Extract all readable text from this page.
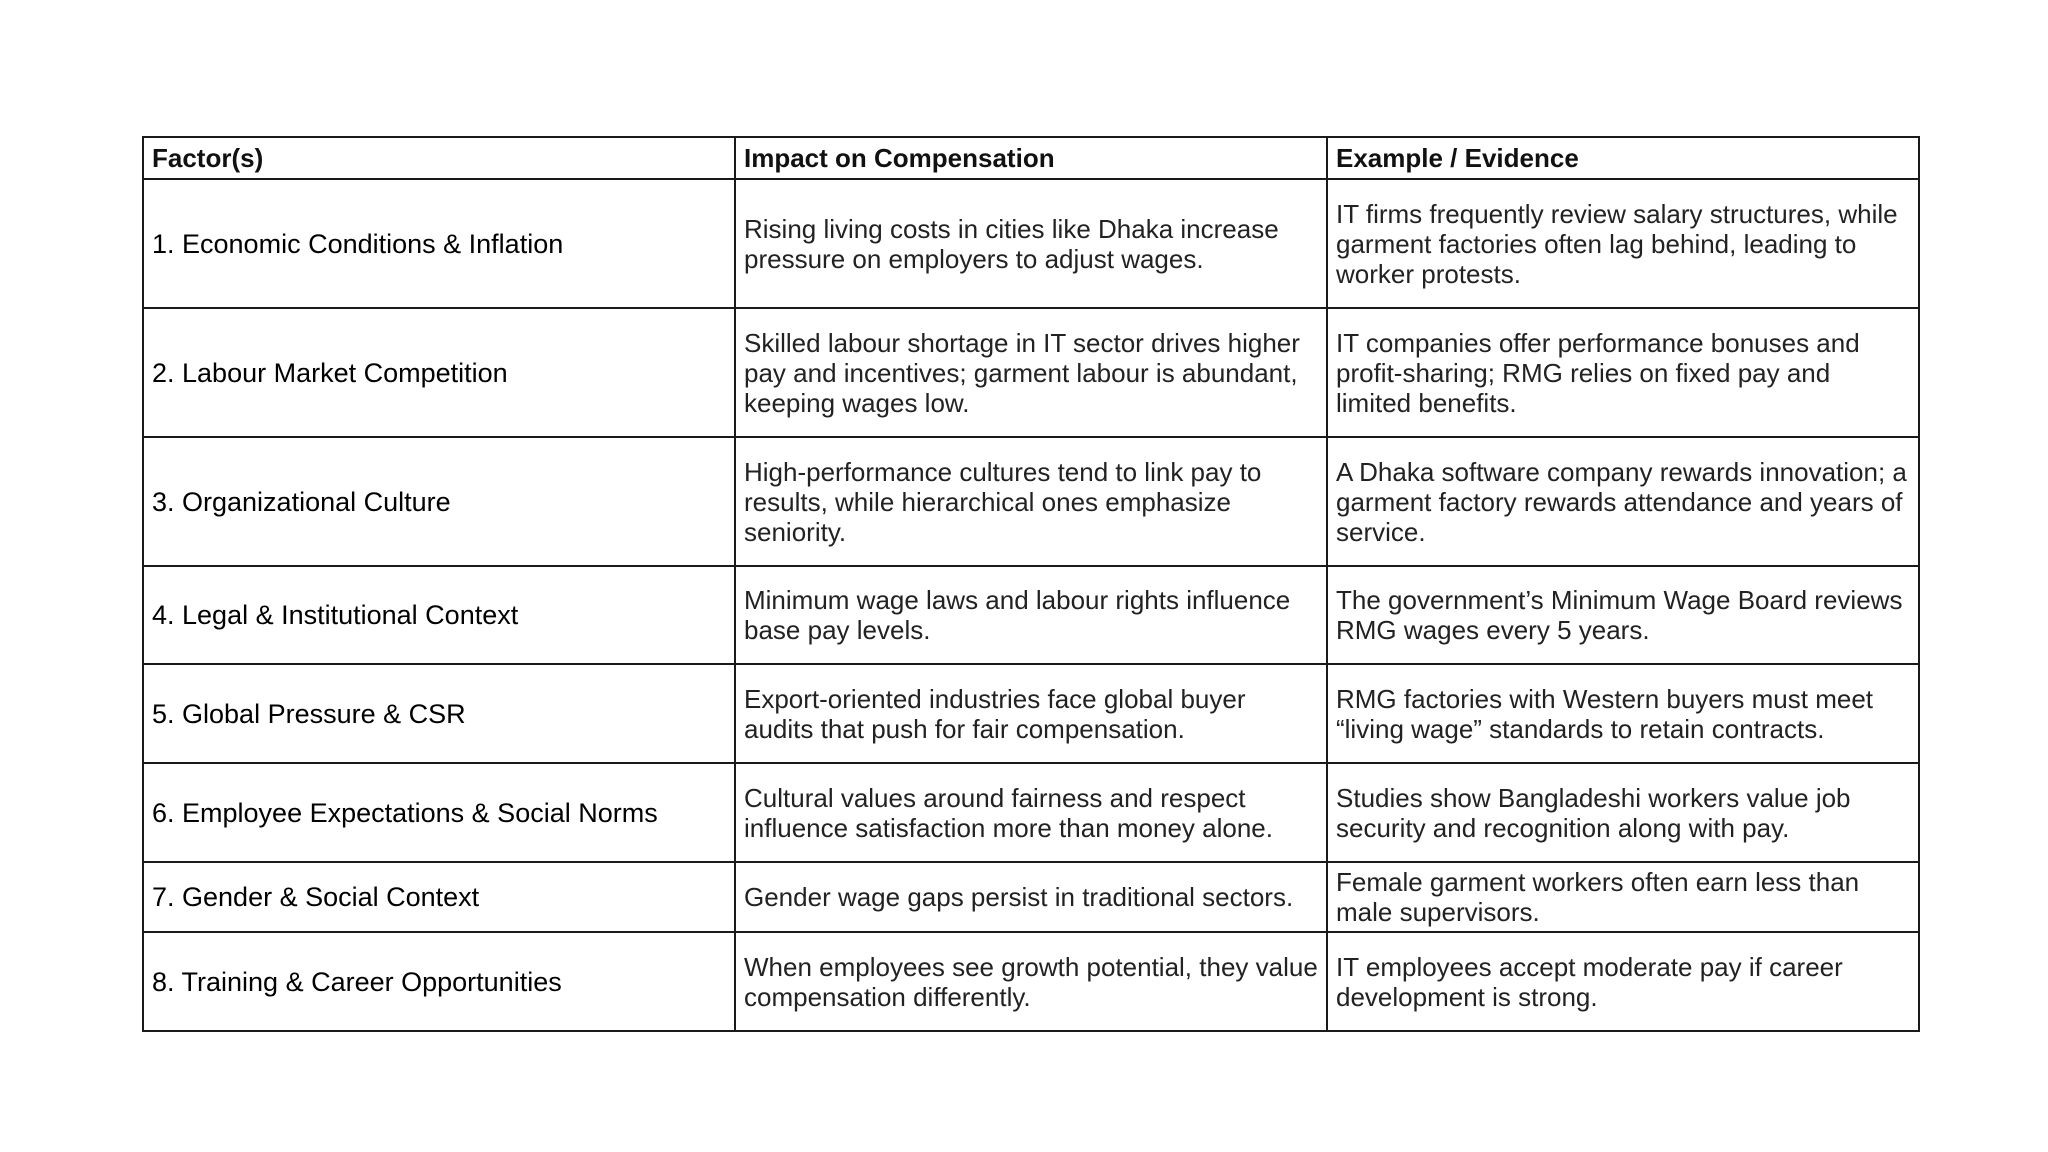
Factor(s)	Impact on Compensation	Example / Evidence
1. Economic Conditions & Inflation	Rising living costs in cities like Dhaka increase pressure on employers to adjust wages.	IT firms frequently review salary structures, while garment factories often lag behind, leading to worker protests.
2. Labour Market Competition	Skilled labour shortage in IT sector drives higher pay and incentives; garment labour is abundant, keeping wages low.	IT companies offer performance bonuses and profit-sharing; RMG relies on fixed pay and limited benefits.
3. Organizational Culture	High-performance cultures tend to link pay to results, while hierarchical ones emphasize seniority.	A Dhaka software company rewards innovation; a garment factory rewards attendance and years of service.
4. Legal & Institutional Context	Minimum wage laws and labour rights influence base pay levels.	The government’s Minimum Wage Board reviews RMG wages every 5 years.
5. Global Pressure & CSR	Export-oriented industries face global buyer audits that push for fair compensation.	RMG factories with Western buyers must meet “living wage” standards to retain contracts.
6. Employee Expectations & Social Norms	Cultural values around fairness and respect influence satisfaction more than money alone.	Studies show Bangladeshi workers value job security and recognition along with pay.
7. Gender & Social Context	Gender wage gaps persist in traditional sectors.	Female garment workers often earn less than male supervisors.
8. Training & Career Opportunities	When employees see growth potential, they value compensation differently.	IT employees accept moderate pay if career development is strong.
